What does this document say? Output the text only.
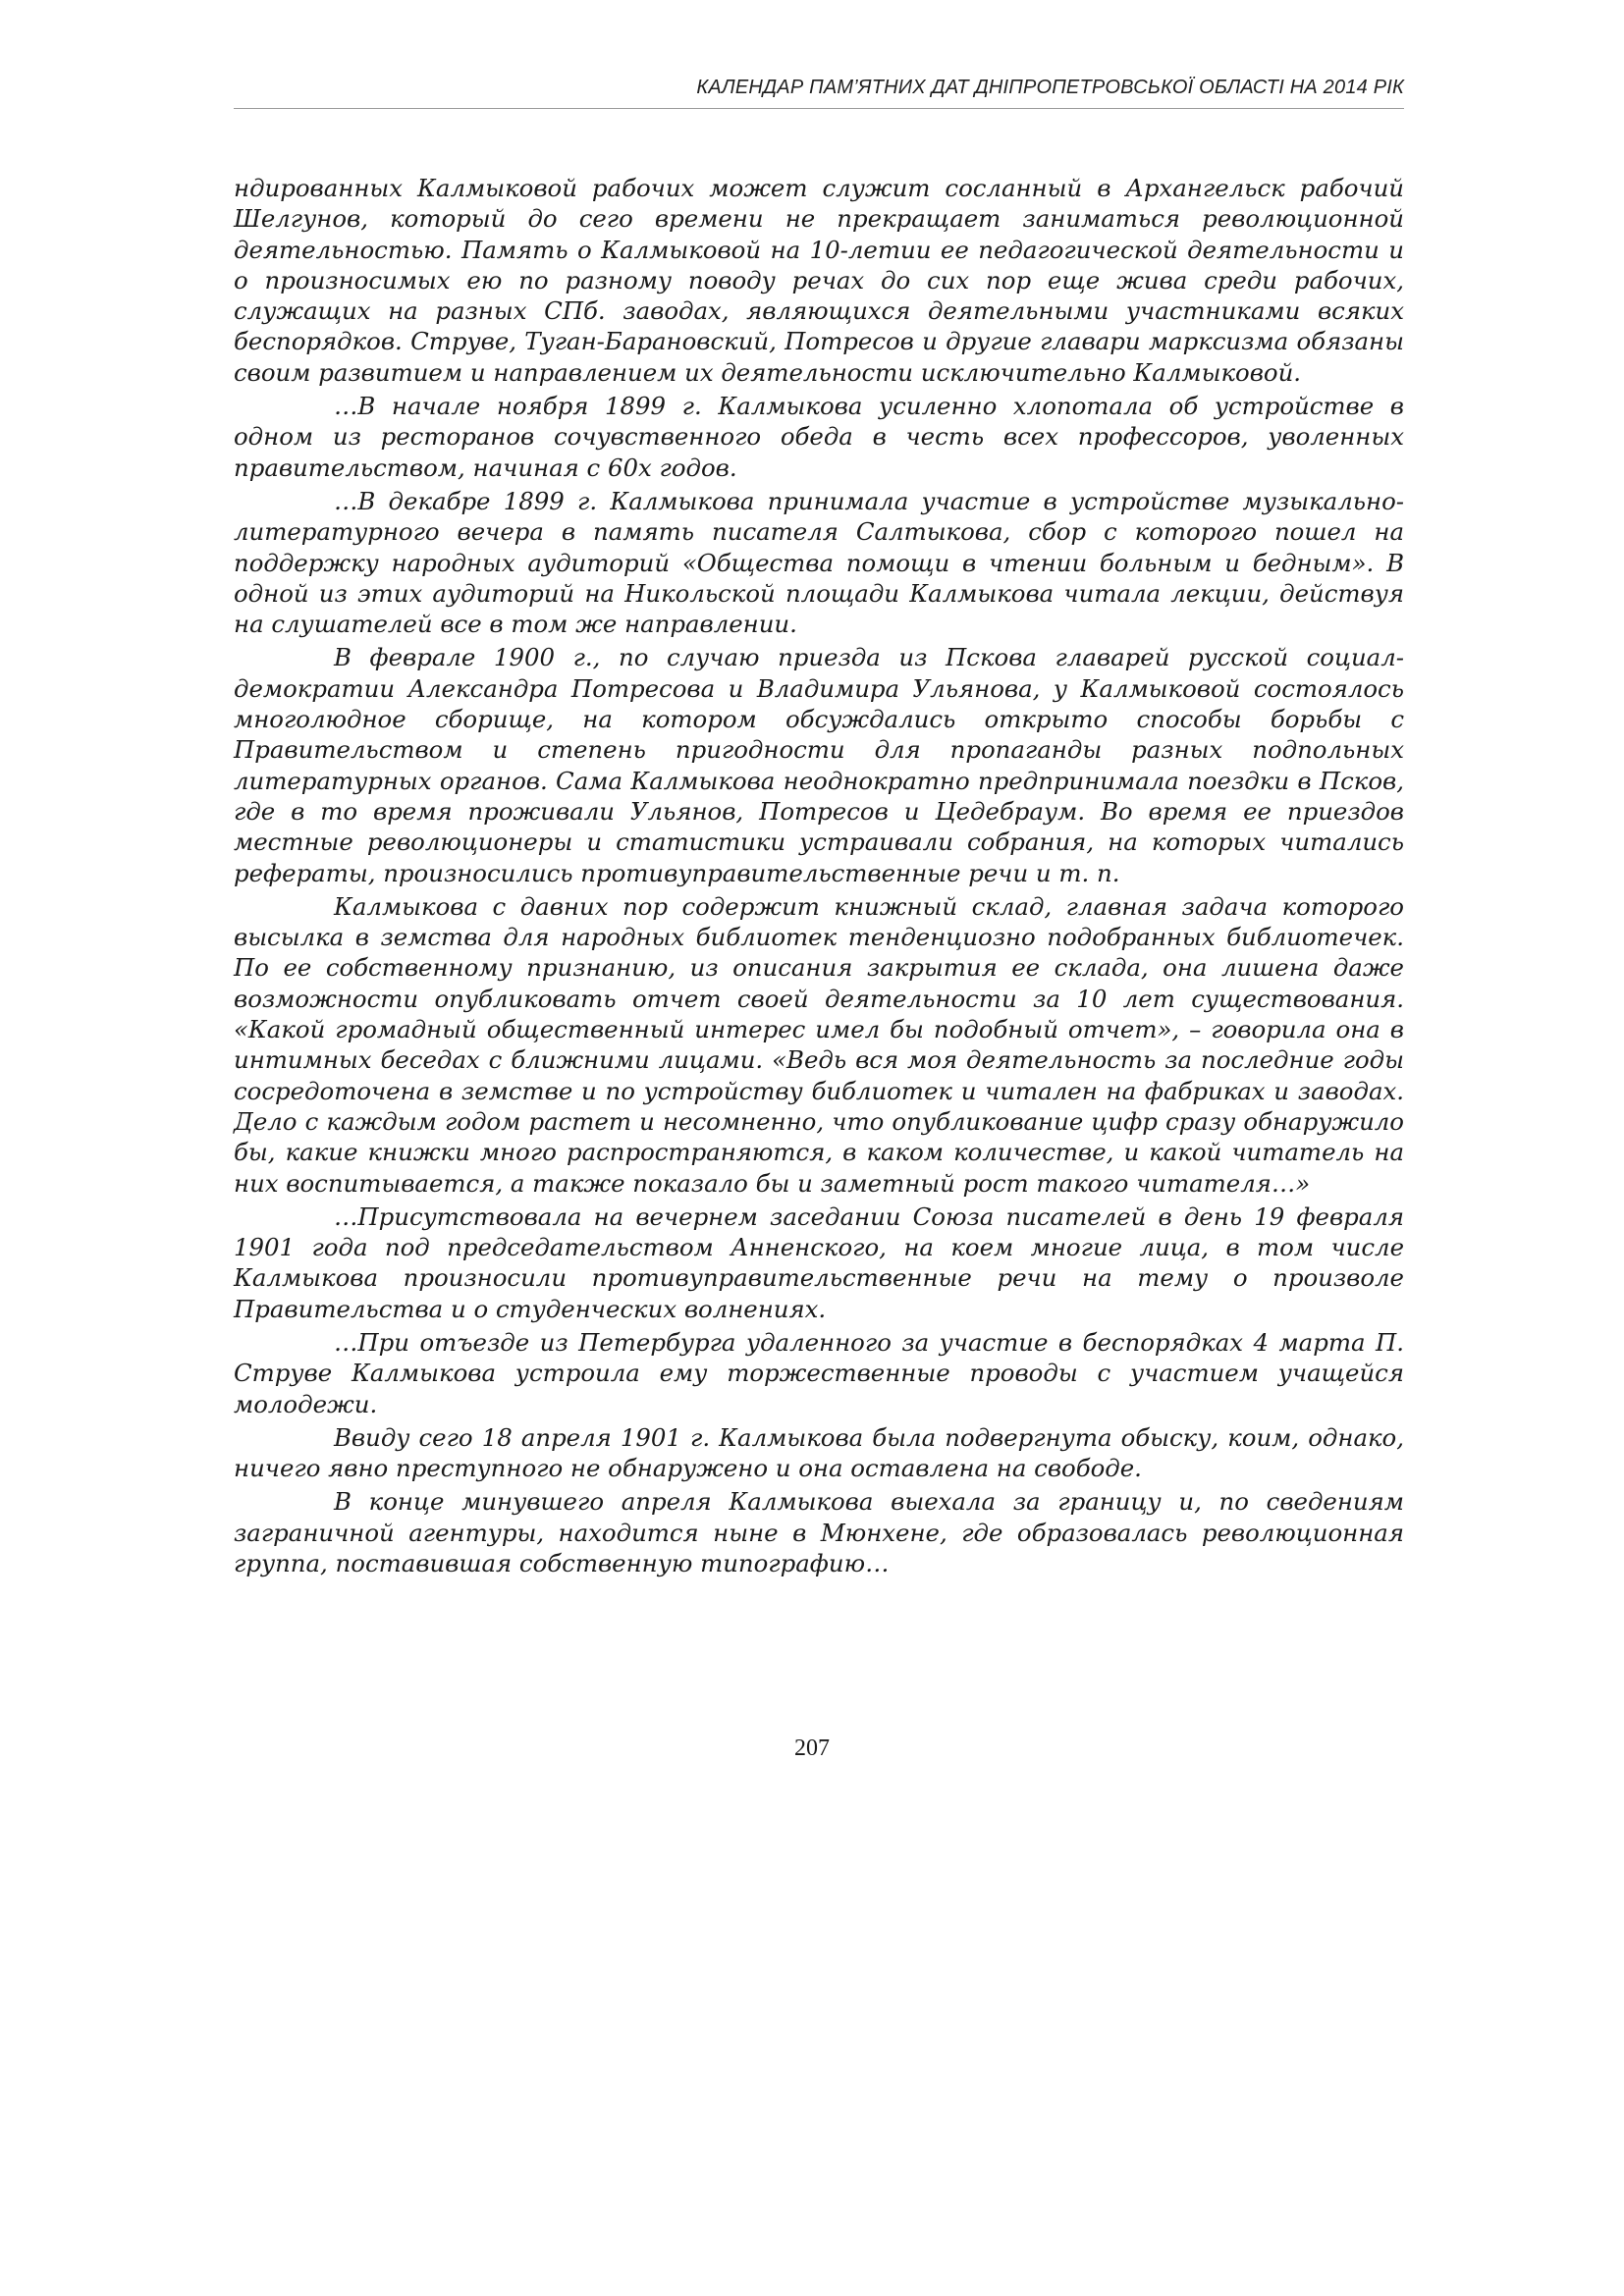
КАЛЕНДАР ПАМ’ЯТНИХ ДАТ ДНІПРОПЕТРОВСЬКОЇ ОБЛАСТІ НА 2014 РІК

ндированных Калмыковой рабочих может служит сосланный в Архангельск рабочий Шелгунов, который до сего времени не прекращает заниматься революционной деятельностью. Память о Калмыковой на 10-летии ее педагогической деятельности и о произносимых ею по разному поводу речах до сих пор еще жива среди рабочих, служащих на разных СПб. заводах, являющихся деятельными участниками всяких беспорядков. Струве, Туган-Барановский, Потресов и другие главари марксизма обязаны своим развитием и направлением их деятельности исключительно Калмыковой.

…В начале ноября 1899 г. Калмыкова усиленно хлопотала об устройстве в одном из ресторанов сочувственного обеда в честь всех профессоров, уволенных правительством, начиная с 60х годов.

…В декабре 1899 г. Калмыкова принимала участие в устройстве музыкально-литературного вечера в память писателя Салтыкова, сбор с которого пошел на поддержку народных аудиторий «Общества помощи в чтении больным и бедным». В одной из этих аудиторий на Никольской площади Калмыкова читала лекции, действуя на слушателей все в том же направлении.

В феврале 1900 г., по случаю приезда из Пскова главарей русской социал-демократии Александра Потресова и Владимира Ульянова, у Калмыковой состоялось многолюдное сборище, на котором обсуждались открыто способы борьбы с Правительством и степень пригодности для пропаганды разных подпольных литературных органов. Сама Калмыкова неоднократно предпринимала поездки в Псков, где в то время проживали Ульянов, Потресов и Цедебраум. Во время ее приездов местные революционеры и статистики устраивали собрания, на которых читались рефераты, произносились противуправительственные речи и т. п.

Калмыкова с давних пор содержит книжный склад, главная задача которого высылка в земства для народных библиотек тенденциозно подобранных библиотечек. По ее собственному признанию, из описания закрытия ее склада, она лишена даже возможности опубликовать отчет своей деятельности за 10 лет существования. «Какой громадный общественный интерес имел бы подобный отчет», – говорила она в интимных беседах с ближними лицами. «Ведь вся моя деятельность за последние годы сосредоточена в земстве и по устройству библиотек и читален на фабриках и заводах. Дело с каждым годом растет и несомненно, что опубликование цифр сразу обнаружило бы, какие книжки много распространяются, в каком количестве, и какой читатель на них воспитывается, а также показало бы и заметный рост такого читателя…»

…Присутствовала на вечернем заседании Союза писателей в день 19 февраля 1901 года под председательством Анненского, на коем многие лица, в том числе Калмыкова произносили противуправительственные речи на тему о произволе Правительства и о студенческих волнениях.

…При отъезде из Петербурга удаленного за участие в беспорядках 4 марта П. Струве Калмыкова устроила ему торжественные проводы с участием учащейся молодежи.

Ввиду сего 18 апреля 1901 г. Калмыкова была подвергнута обыску, коим, однако, ничего явно преступного не обнаружено и она оставлена на свободе.

В конце минувшего апреля Калмыкова выехала за границу и, по сведениям заграничной агентуры, находится ныне в Мюнхене, где образовалась революционная группа, поставившая собственную типографию…

207
